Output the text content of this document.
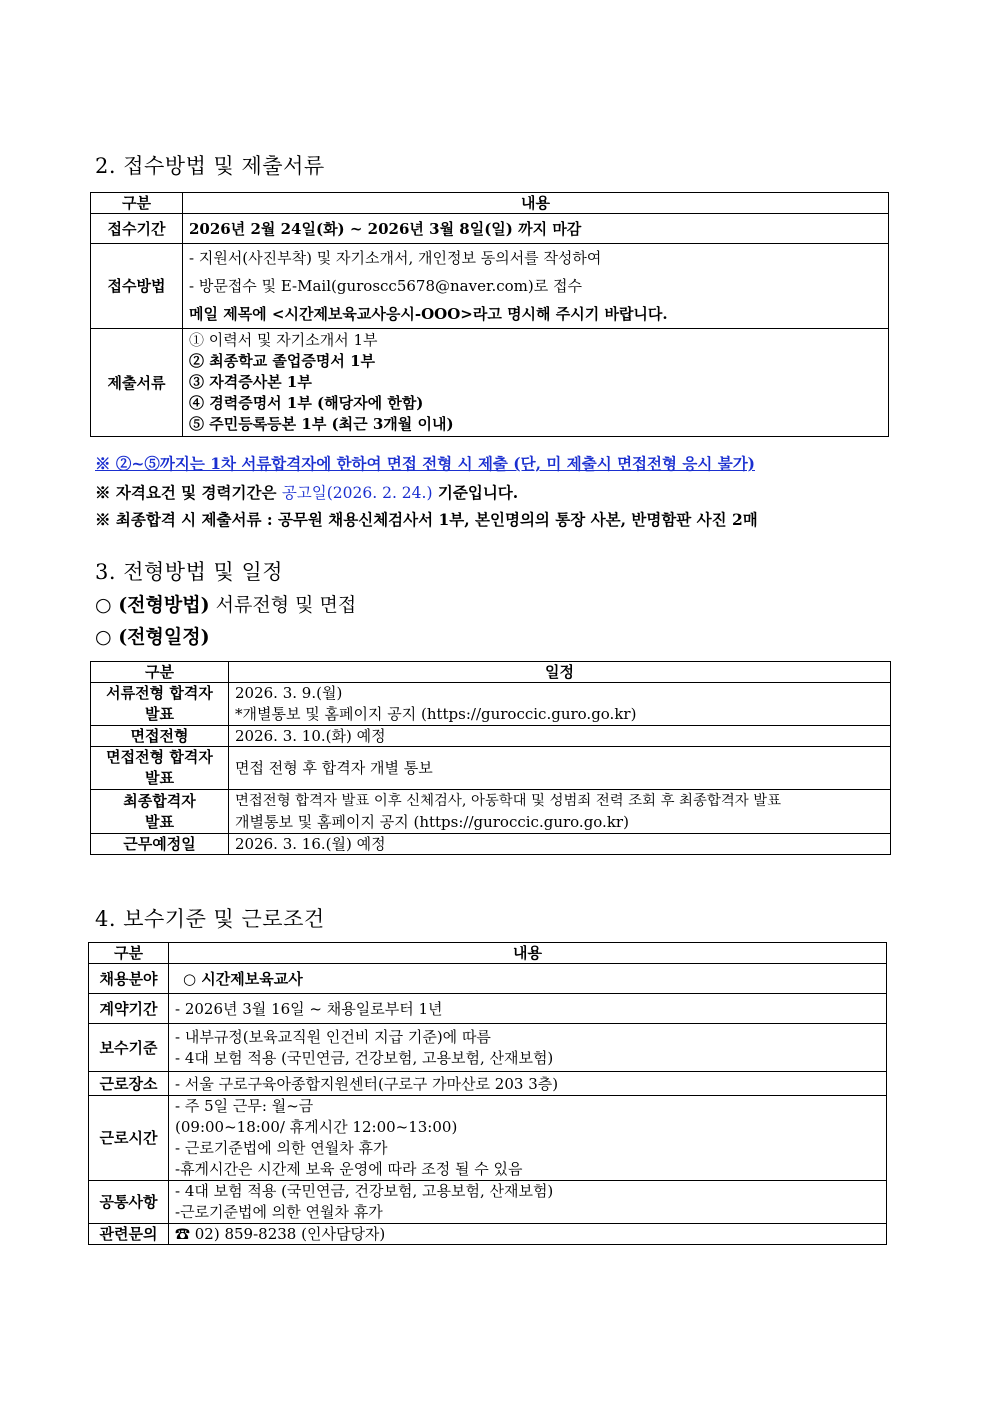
2. 접수방법 및 제출서류
구분	내용
접수기간	2026년 2월 24일(화) ~ 2026년 3월 8일(일) 까지 마감
접수방법	- 지원서(사진부착) 및 자기소개서, 개인정보 동의서를 작성하여
- 방문접수 및 E-Mail(guroscc5678@naver.com)로 접수
메일 제목에 <시간제보육교사응시-OOO>라고 명시해 주시기 바랍니다.

제출서류	① 이력서 및 자기소개서 1부
② 최종학교 졸업증명서 1부
③ 자격증사본 1부
④ 경력증명서 1부 (해당자에 한함)
⑤ 주민등록등본 1부 (최근 3개월 이내)

※ ②~⑤까지는 1차 서류합격자에 한하여 면접 전형 시 제출 (단, 미 제출시 면접전형 응시 불가)

※ 자격요건 및 경력기간은 공고일(2026. 2. 24.) 기준입니다.

※ 최종합격 시 제출서류 : 공무원 채용신체검사서 1부, 본인명의의 통장 사본, 반명함판 사진 2매

3. 전형방법 및 일정

○ (전형방법) 서류전형 및 면접

○ (전형일정)

구분	일정

서류전형 합격자
발표	2026. 3. 9.(월)
*개별통보 및 홈페이지 공지 (https://guroccic.guro.go.kr)

면접전형	2026. 3. 10.(화) 예정

면접전형 합격자
발표	면접 전형 후 합격자 개별 통보

최종합격자
발표	면접전형 합격자 발표 이후 신체검사, 아동학대 및 성범죄 전력 조회 후 최종합격자 발표
개별통보 및 홈페이지 공지 (https://guroccic.guro.go.kr)

근무예정일	2026. 3. 16.(월) 예정
4. 보수기준 및 근로조건
구분	내용
채용분야	○ 시간제보육교사
계약기간	- 2026년 3월 16일 ~ 채용일로부터 1년
보수기준	- 내부규정(보육교직원 인건비 지급 기준)에 따름
- 4대 보험 적용 (국민연금, 건강보험, 고용보험, 산재보험)

근로장소	- 서울 구로구육아종합지원센터(구로구 가마산로 203 3층)
근로시간	- 주 5일 근무: 월~금
(09:00~18:00/ 휴게시간 12:00~13:00)
- 근로기준법에 의한 연월차 휴가
-휴게시간은 시간제 보육 운영에 따라 조정 될 수 있음

공통사항	- 4대 보험 적용 (국민연금, 건강보험, 고용보험, 산재보험)
-근로기준법에 의한 연월차 휴가

관련문의	☎ 02) 859-8238 (인사담당자)
